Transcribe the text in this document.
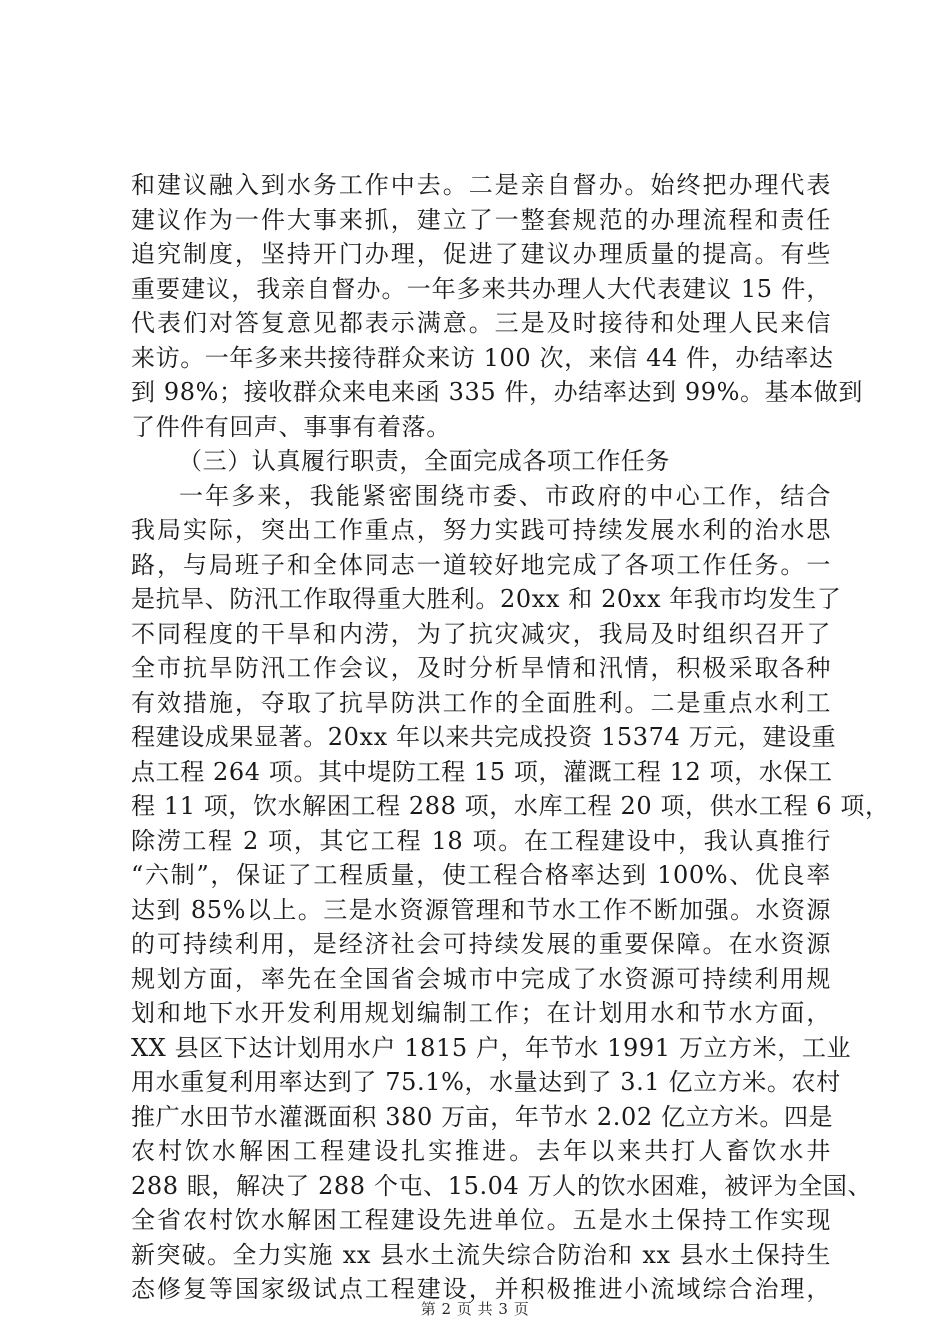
和建议融入到水务工作中去。二是亲自督办。始终把办理代表
建议作为一件大事来抓，建立了一整套规范的办理流程和责任
追究制度，坚持开门办理，促进了建议办理质量的提高。有些
重要建议，我亲自督办。一年多来共办理人大代表建议 15 件，
代表们对答复意见都表示满意。三是及时接待和处理人民来信
来访。一年多来共接待群众来访 100 次，来信 44 件，办结率达
到 98%；接收群众来电来函 335 件，办结率达到 99%。基本做到
了件件有回声、事事有着落。
（三）认真履行职责，全面完成各项工作任务
一年多来，我能紧密围绕市委、市政府的中心工作，结合
我局实际，突出工作重点，努力实践可持续发展水利的治水思
路，与局班子和全体同志一道较好地完成了各项工作任务。一
是抗旱、防汛工作取得重大胜利。20xx 和 20xx 年我市均发生了
不同程度的干旱和内涝，为了抗灾减灾，我局及时组织召开了
全市抗旱防汛工作会议，及时分析旱情和汛情，积极采取各种
有效措施，夺取了抗旱防洪工作的全面胜利。二是重点水利工
程建设成果显著。20xx 年以来共完成投资 15374 万元，建设重
点工程 264 项。其中堤防工程 15 项，灌溉工程 12 项，水保工
程 11 项，饮水解困工程 288 项，水库工程 20 项，供水工程 6 项，
除涝工程 2 项，其它工程 18 项。在工程建设中，我认真推行
“六制”，保证了工程质量，使工程合格率达到 100%、优良率
达到 85%以上。三是水资源管理和节水工作不断加强。水资源
的可持续利用，是经济社会可持续发展的重要保障。在水资源
规划方面，率先在全国省会城市中完成了水资源可持续利用规
划和地下水开发利用规划编制工作；在计划用水和节水方面，
XX 县区下达计划用水户 1815 户，年节水 1991 万立方米，工业
用水重复利用率达到了 75.1%，水量达到了 3.1 亿立方米。农村
推广水田节水灌溉面积 380 万亩，年节水 2.02 亿立方米。四是
农村饮水解困工程建设扎实推进。去年以来共打人畜饮水井
288 眼，解决了 288 个屯、15.04 万人的饮水困难，被评为全国、
全省农村饮水解困工程建设先进单位。五是水土保持工作实现
新突破。全力实施 xx 县水土流失综合防治和 xx 县水土保持生
态修复等国家级试点工程建设，并积极推进小流域综合治理，
第 2 页 共 3 页
